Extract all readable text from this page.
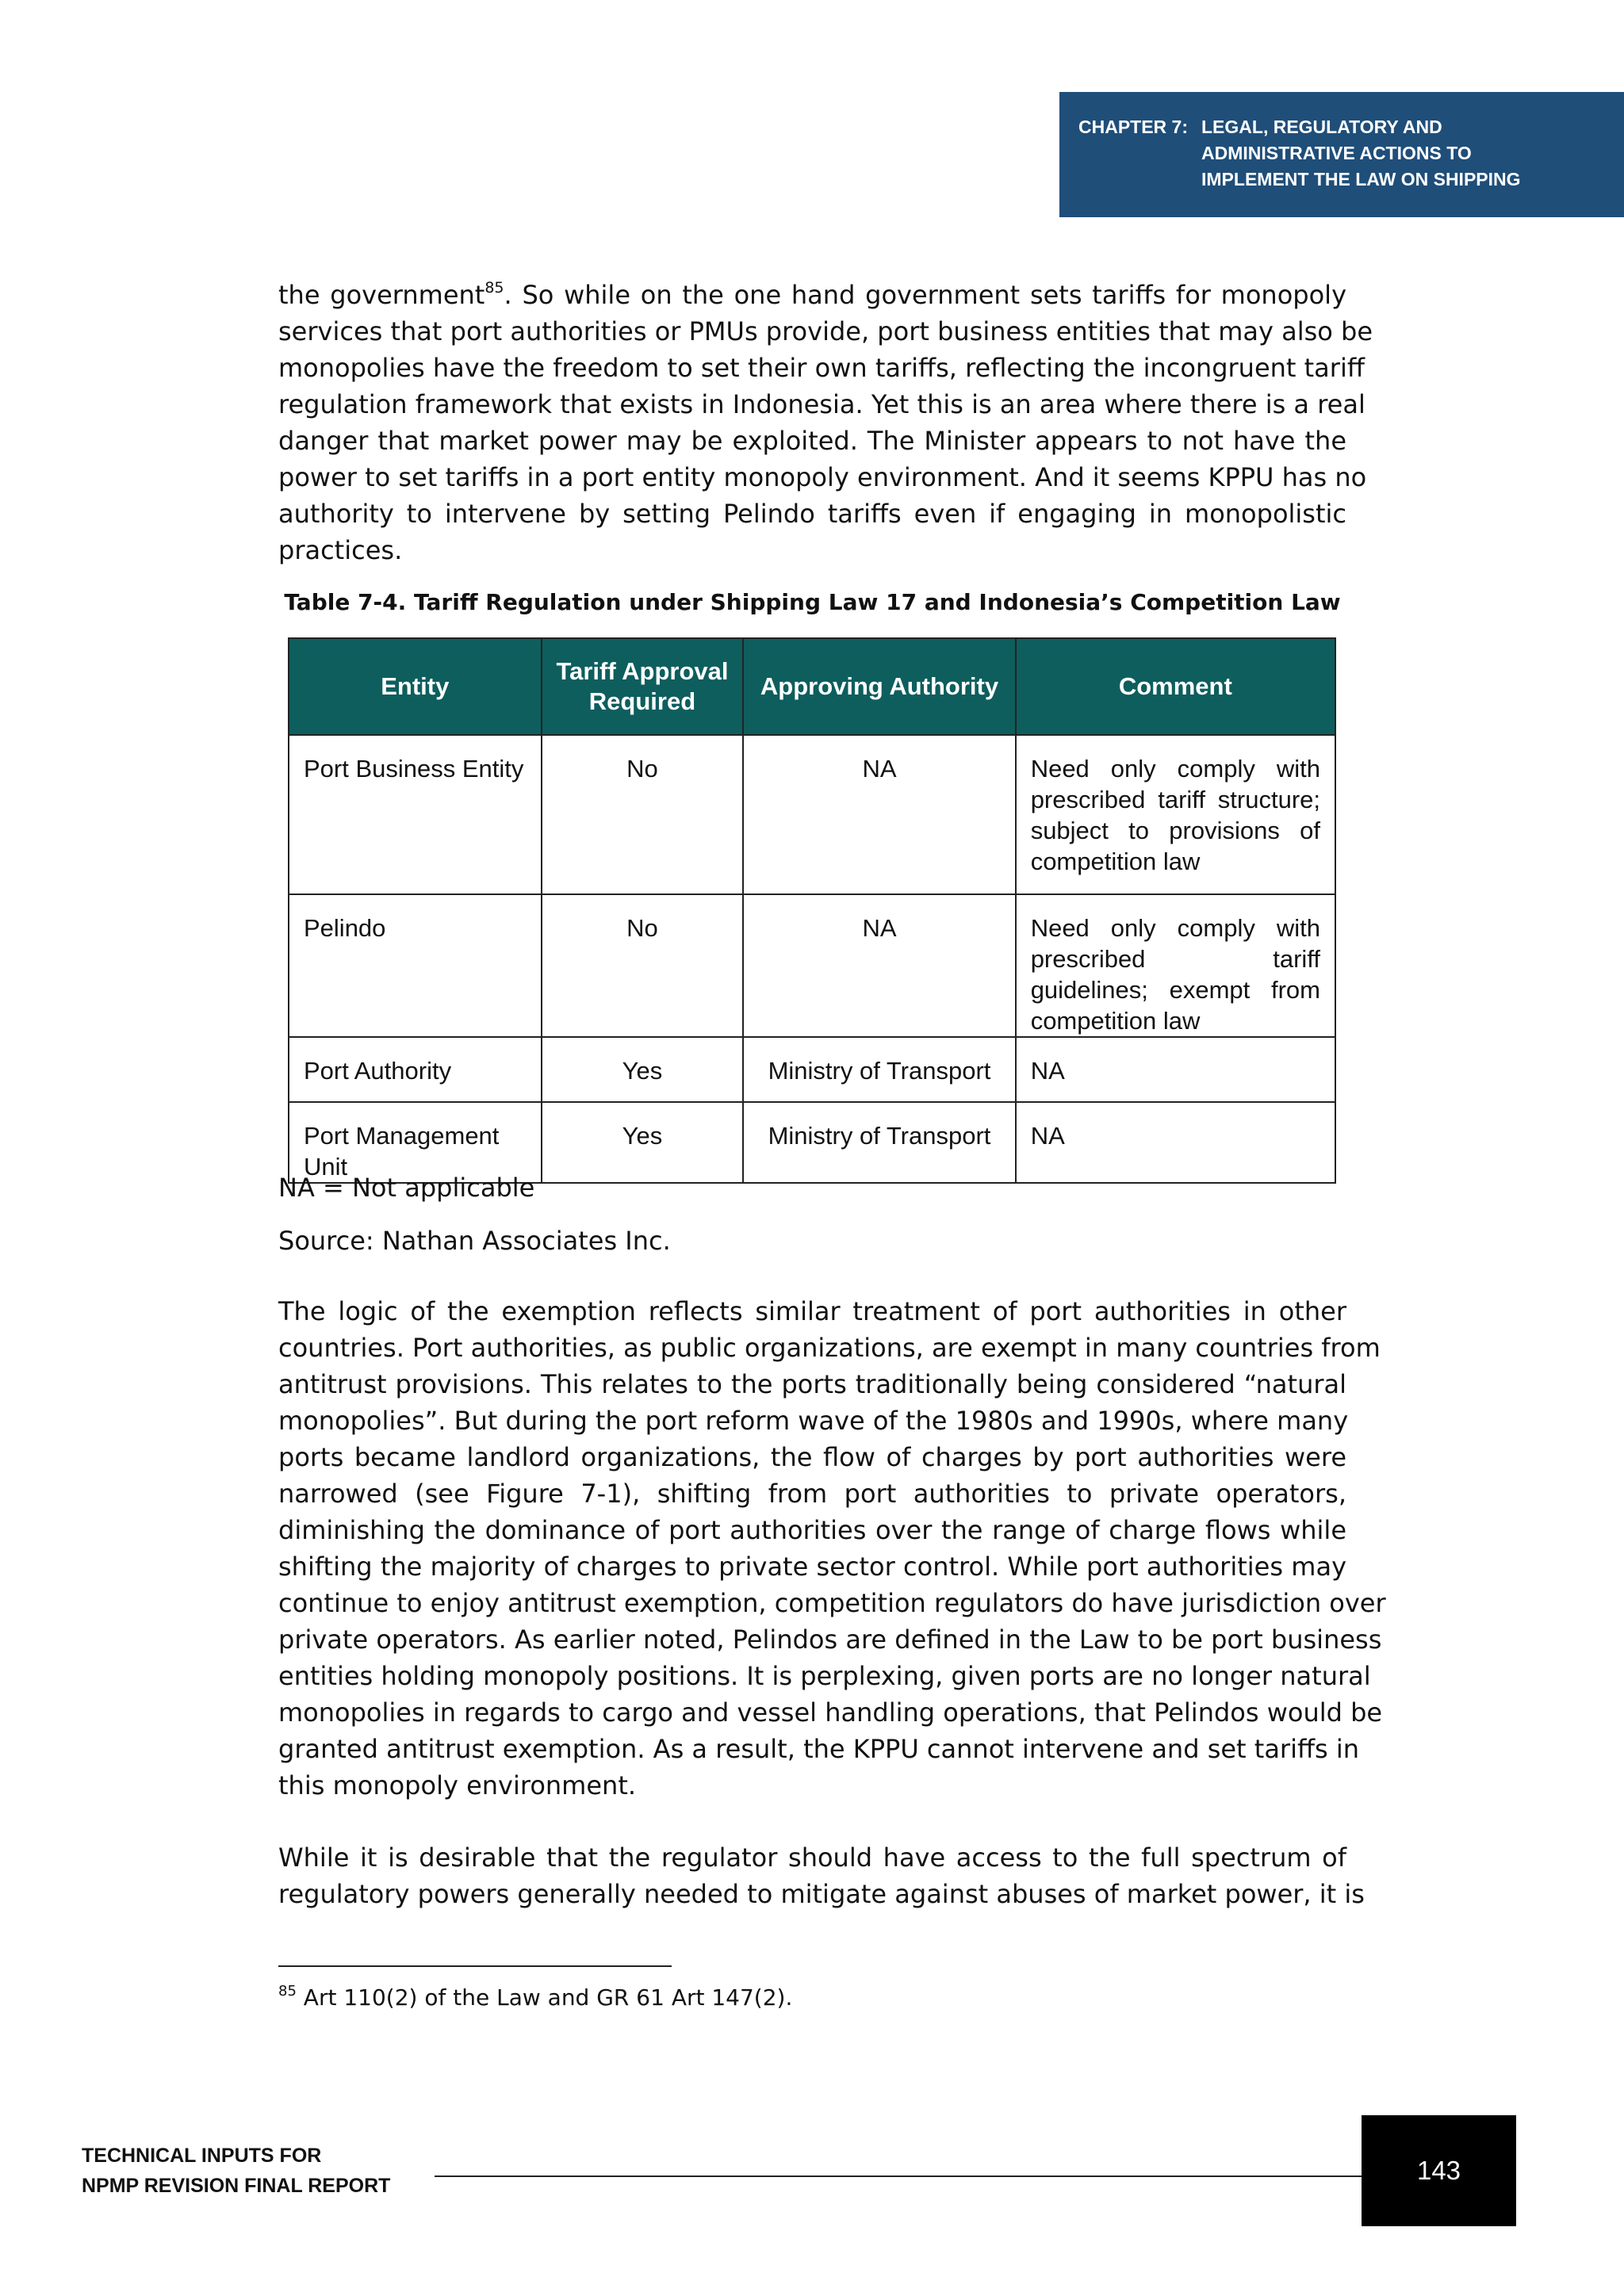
CHAPTER 7: LEGAL, REGULATORY AND
ADMINISTRATIVE ACTIONS TO
IMPLEMENT THE LAW ON SHIPPING
the government$^{85}$. So while on the one hand government sets tariffs for monopoly
services that port authorities or PMUs provide, port business entities that may also be
monopolies have the freedom to set their own tariffs, reflecting the incongruent tariff
regulation framework that exists in Indonesia. Yet this is an area where there is a real
danger that market power may be exploited. The Minister appears to not have the
power to set tariffs in a port entity monopoly environment. And it seems KPPU has no
authority to intervene by setting Pelindo tariffs even if engaging in monopolistic
practices.
Table 7-4. Tariff Regulation under Shipping Law 17 and Indonesia’s Competition Law
Entity	Tariff Approval Required	Approving Authority	Comment
Port Business Entity	No	NA	Need only comply with prescribed tariff structure; subject to provisions of competition law
Pelindo	No	NA	Need only comply with prescribed tariff guidelines; exempt from competition law
Port Authority	Yes	Ministry of Transport	NA
Port Management Unit	Yes	Ministry of Transport	NA
NA = Not applicable
Source: Nathan Associates Inc.
The logic of the exemption reflects similar treatment of port authorities in other
countries. Port authorities, as public organizations, are exempt in many countries from
antitrust provisions. This relates to the ports traditionally being considered “natural
monopolies”. But during the port reform wave of the 1980s and 1990s, where many
ports became landlord organizations, the flow of charges by port authorities were
narrowed (see Figure 7-1), shifting from port authorities to private operators,
diminishing the dominance of port authorities over the range of charge flows while
shifting the majority of charges to private sector control. While port authorities may
continue to enjoy antitrust exemption, competition regulators do have jurisdiction over
private operators. As earlier noted, Pelindos are defined in the Law to be port business
entities holding monopoly positions. It is perplexing, given ports are no longer natural
monopolies in regards to cargo and vessel handling operations, that Pelindos would be
granted antitrust exemption. As a result, the KPPU cannot intervene and set tariffs in
this monopoly environment.
While it is desirable that the regulator should have access to the full spectrum of
regulatory powers generally needed to mitigate against abuses of market power, it is
$^{85}$ Art 110(2) of the Law and GR 61 Art 147(2).
TECHNICAL INPUTS FOR
NPMP REVISION FINAL REPORT
143
